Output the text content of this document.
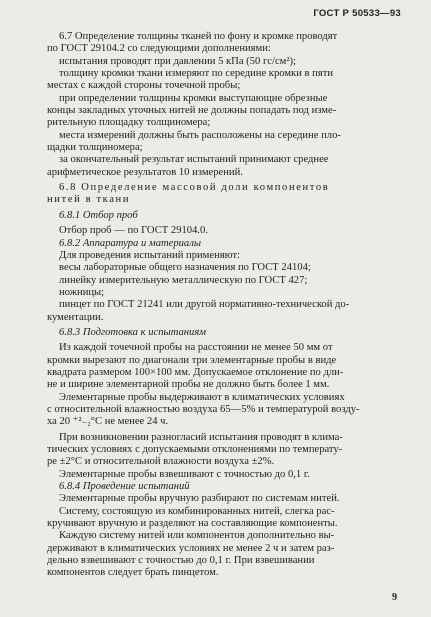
ГОСТ Р 50533—93

6.7 Определение толщины тканей по фону и кромке проводят

по ГОСТ 29104.2 со следующими дополнениями:

испытания проводят при давлении 5 кПа (50 гс/см²);

толщину кромки ткани измеряют по середине кромки в пяти

местах с каждой стороны точечной пробы;

при определении толщины кромки выступающие обрезные

концы закладных уточных нитей не должны попадать под изме-

рительную площадку толщиномера;

места измерений должны быть расположены на середине пло-

щадки толщиномера;

за окончательный результат испытаний принимают среднее

арифметическое результатов 10 измерений.

6.8 Определение массовой доли компонентов

нитей в ткани

6.8.1 Отбор проб

Отбор проб — по ГОСТ 29104.0.

6.8.2 Аппаратура и материалы

Для проведения испытаний применяют:

весы лабораторные общего назначения по ГОСТ 24104;

линейку измерительную металлическую по ГОСТ 427;

ножницы;

пинцет по ГОСТ 21241 или другой нормативно-технической до-

кументации.

6.8.3 Подготовка к испытаниям

Из каждой точечной пробы на расстоянии не менее 50 мм от

кромки вырезают по диагонали три элементарные пробы в виде

квадрата размером 100×100 мм. Допускаемое отклонение по дли-

не и ширине элементарной пробы не должно быть более 1 мм.

Элементарные пробы выдерживают в климатических условиях

с относительной влажностью воздуха 65—5% и температурой возду-

ха 20 ⁺²₋₂°С не менее 24 ч.

При возникновении разногласий испытания проводят в клима-

тических условиях с допускаемыми отклонениями по температу-

ре ±2°С и относительной влажности воздуха ±2%.

Элементарные пробы взвешивают с точностью до 0,1 г.

6.8.4 Проведение испытаний

Элементарные пробы вручную разбирают по системам нитей.

Систему, состоящую из комбинированных нитей, слегка рас-

кручивают вручную и разделяют на составляющие компоненты.

Каждую систему нитей или компонентов дополнительно вы-

держивают в климатических условиях не менее 2 ч и затем раз-

дельно взвешивают с точностью до 0,1 г. При взвешивании

компонентов следует брать пинцетом.

9
